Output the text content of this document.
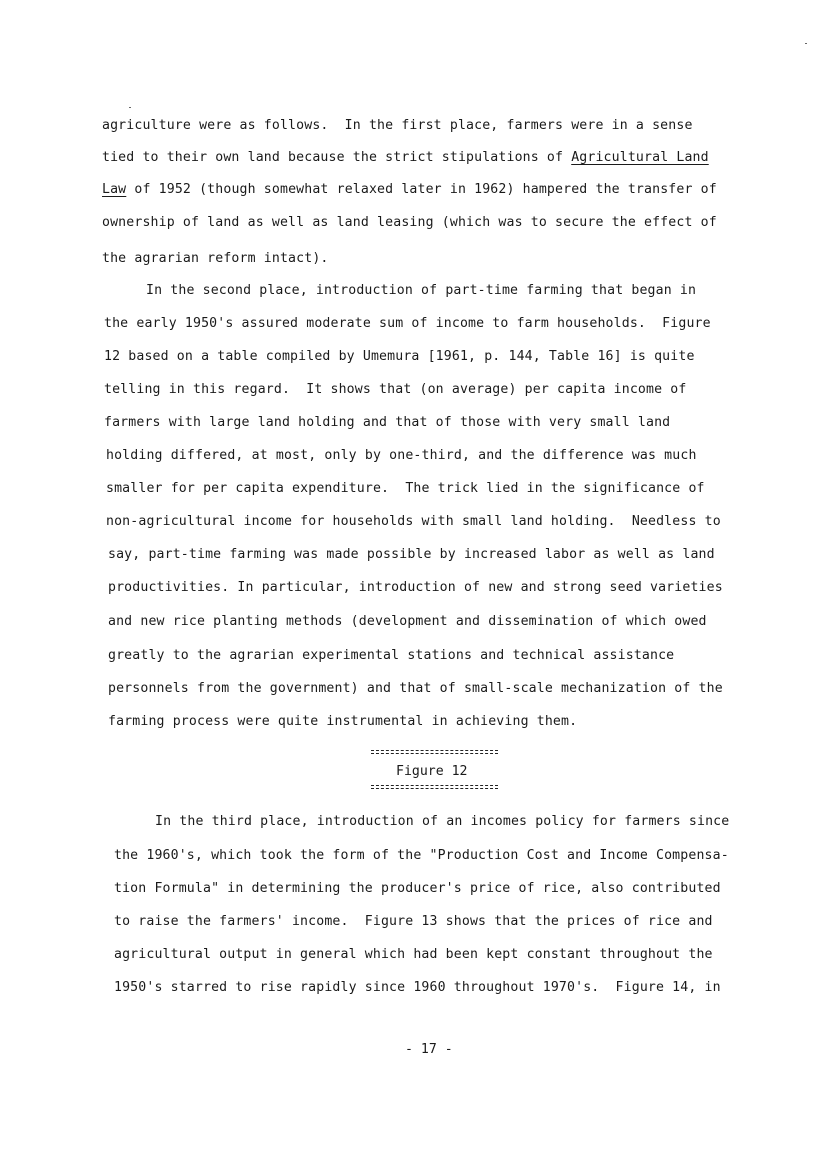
agriculture were as follows.  In the first place, farmers were in a sense
tied to their own land because the strict stipulations of Agricultural Land
Law of 1952 (though somewhat relaxed later in 1962) hampered the transfer of
ownership of land as well as land leasing (which was to secure the effect of
the agrarian reform intact).
In the second place, introduction of part-time farming that began in
the early 1950's assured moderate sum of income to farm households.  Figure
12 based on a table compiled by Umemura [1961, p. 144, Table 16] is quite
telling in this regard.  It shows that (on average) per capita income of
farmers with large land holding and that of those with very small land
holding differed, at most, only by one-third, and the difference was much
smaller for per capita expenditure.  The trick lied in the significance of
non-agricultural income for households with small land holding.  Needless to
say, part-time farming was made possible by increased labor as well as land
productivities. In particular, introduction of new and strong seed varieties
and new rice planting methods (development and dissemination of which owed
greatly to the agrarian experimental stations and technical assistance
personnels from the government) and that of small-scale mechanization of the
farming process were quite instrumental in achieving them.
Figure 12
In the third place, introduction of an incomes policy for farmers since
the 1960's, which took the form of the "Production Cost and Income Compensa-
tion Formula" in determining the producer's price of rice, also contributed
to raise the farmers' income.  Figure 13 shows that the prices of rice and
agricultural output in general which had been kept constant throughout the
1950's starred to rise rapidly since 1960 throughout 1970's.  Figure 14, in
- 17 -
